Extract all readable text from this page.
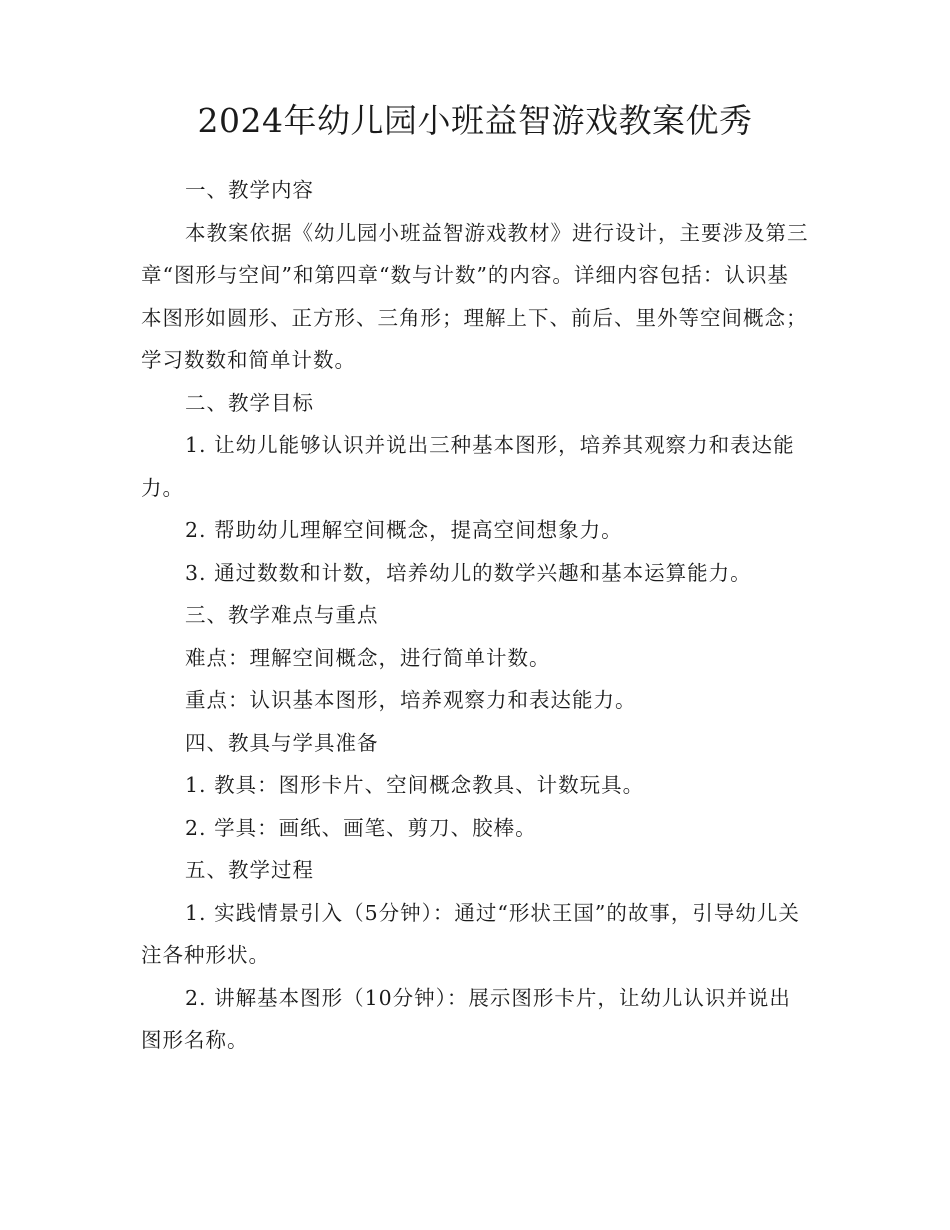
2024年幼儿园小班益智游戏教案优秀

一、教学内容

本教案依据《幼儿园小班益智游戏教材》进行设计，主要涉及第三章“图形与空间”和第四章“数与计数”的内容。详细内容包括：认识基本图形如圆形、正方形、三角形；理解上下、前后、里外等空间概念；学习数数和简单计数。

二、教学目标

1. 让幼儿能够认识并说出三种基本图形，培养其观察力和表达能力。

2. 帮助幼儿理解空间概念，提高空间想象力。

3. 通过数数和计数，培养幼儿的数学兴趣和基本运算能力。

三、教学难点与重点

难点：理解空间概念，进行简单计数。

重点：认识基本图形，培养观察力和表达能力。

四、教具与学具准备

1. 教具：图形卡片、空间概念教具、计数玩具。

2. 学具：画纸、画笔、剪刀、胶棒。

五、教学过程

1. 实践情景引入（5分钟）：通过“形状王国”的故事，引导幼儿关注各种形状。

2. 讲解基本图形（10分钟）：展示图形卡片，让幼儿认识并说出图形名称。
